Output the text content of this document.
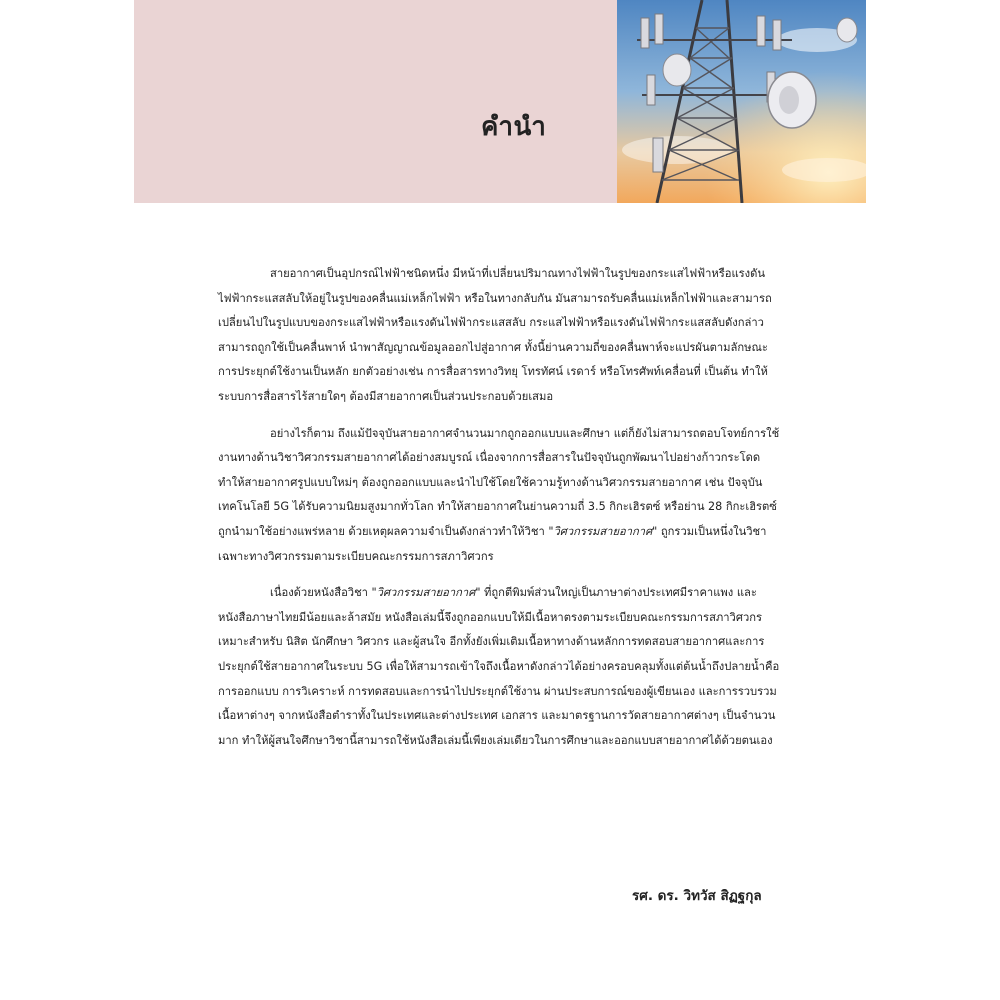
คำนำ

สายอากาศเป็นอุปกรณ์ไฟฟ้าชนิดหนึ่ง มีหน้าที่เปลี่ยนปริมาณทางไฟฟ้าในรูปของกระแสไฟฟ้าหรือแรงดันไฟฟ้ากระแสสลับให้อยู่ในรูปของคลื่นแม่เหล็กไฟฟ้า หรือในทางกลับกัน มันสามารถรับคลื่นแม่เหล็กไฟฟ้าและสามารถเปลี่ยนไปในรูปแบบของกระแสไฟฟ้าหรือแรงดันไฟฟ้ากระแสสลับ กระแสไฟฟ้าหรือแรงดันไฟฟ้ากระแสสลับดังกล่าวสามารถถูกใช้เป็นคลื่นพาห์ นำพาสัญญาณข้อมูลออกไปสู่อากาศ ทั้งนี้ย่านความถี่ของคลื่นพาห์จะแปรผันตามลักษณะการประยุกต์ใช้งานเป็นหลัก ยกตัวอย่างเช่น การสื่อสารทางวิทยุ โทรทัศน์ เรดาร์ หรือโทรศัพท์เคลื่อนที่ เป็นต้น ทำให้ระบบการสื่อสารไร้สายใดๆ ต้องมีสายอากาศเป็นส่วนประกอบด้วยเสมอ

อย่างไรก็ตาม ถึงแม้ปัจจุบันสายอากาศจำนวนมากถูกออกแบบและศึกษา แต่ก็ยังไม่สามารถตอบโจทย์การใช้งานทางด้านวิชาวิศวกรรมสายอากาศได้อย่างสมบูรณ์ เนื่องจากการสื่อสารในปัจจุบันถูกพัฒนาไปอย่างก้าวกระโดด ทำให้สายอากาศรูปแบบใหม่ๆ ต้องถูกออกแบบและนำไปใช้โดยใช้ความรู้ทางด้านวิศวกรรมสายอากาศ เช่น ปัจจุบันเทคโนโลยี 5G ได้รับความนิยมสูงมากทั่วโลก ทำให้สายอากาศในย่านความถี่ 3.5 กิกะเฮิรตซ์ หรือย่าน 28 กิกะเฮิรตซ์ ถูกนำมาใช้อย่างแพร่หลาย ด้วยเหตุผลความจำเป็นดังกล่าวทำให้วิชา "วิศวกรรมสายอากาศ" ถูกรวมเป็นหนึ่งในวิชาเฉพาะทางวิศวกรรมตามระเบียบคณะกรรมการสภาวิศวกร

เนื่องด้วยหนังสือวิชา "วิศวกรรมสายอากาศ" ที่ถูกตีพิมพ์ส่วนใหญ่เป็นภาษาต่างประเทศมีราคาแพง และหนังสือภาษาไทยมีน้อยและล้าสมัย หนังสือเล่มนี้จึงถูกออกแบบให้มีเนื้อหาตรงตามระเบียบคณะกรรมการสภาวิศวกร เหมาะสำหรับ นิสิต นักศึกษา วิศวกร และผู้สนใจ อีกทั้งยังเพิ่มเติมเนื้อหาทางด้านหลักการทดสอบสายอากาศและการประยุกต์ใช้สายอากาศในระบบ 5G เพื่อให้สามารถเข้าใจถึงเนื้อหาดังกล่าวได้อย่างครอบคลุมทั้งแต่ต้นน้ำถึงปลายน้ำคือ การออกแบบ การวิเคราะห์ การทดสอบและการนำไปประยุกต์ใช้งาน ผ่านประสบการณ์ของผู้เขียนเอง และการรวบรวมเนื้อหาต่างๆ จากหนังสือตำราทั้งในประเทศและต่างประเทศ เอกสาร และมาตรฐานการวัดสายอากาศต่างๆ เป็นจำนวนมาก ทำให้ผู้สนใจศึกษาวิชานี้สามารถใช้หนังสือเล่มนี้เพียงเล่มเดียวในการศึกษาและออกแบบสายอากาศได้ด้วยตนเอง

รศ. ดร. วิทวัส สิฏฐกุล
